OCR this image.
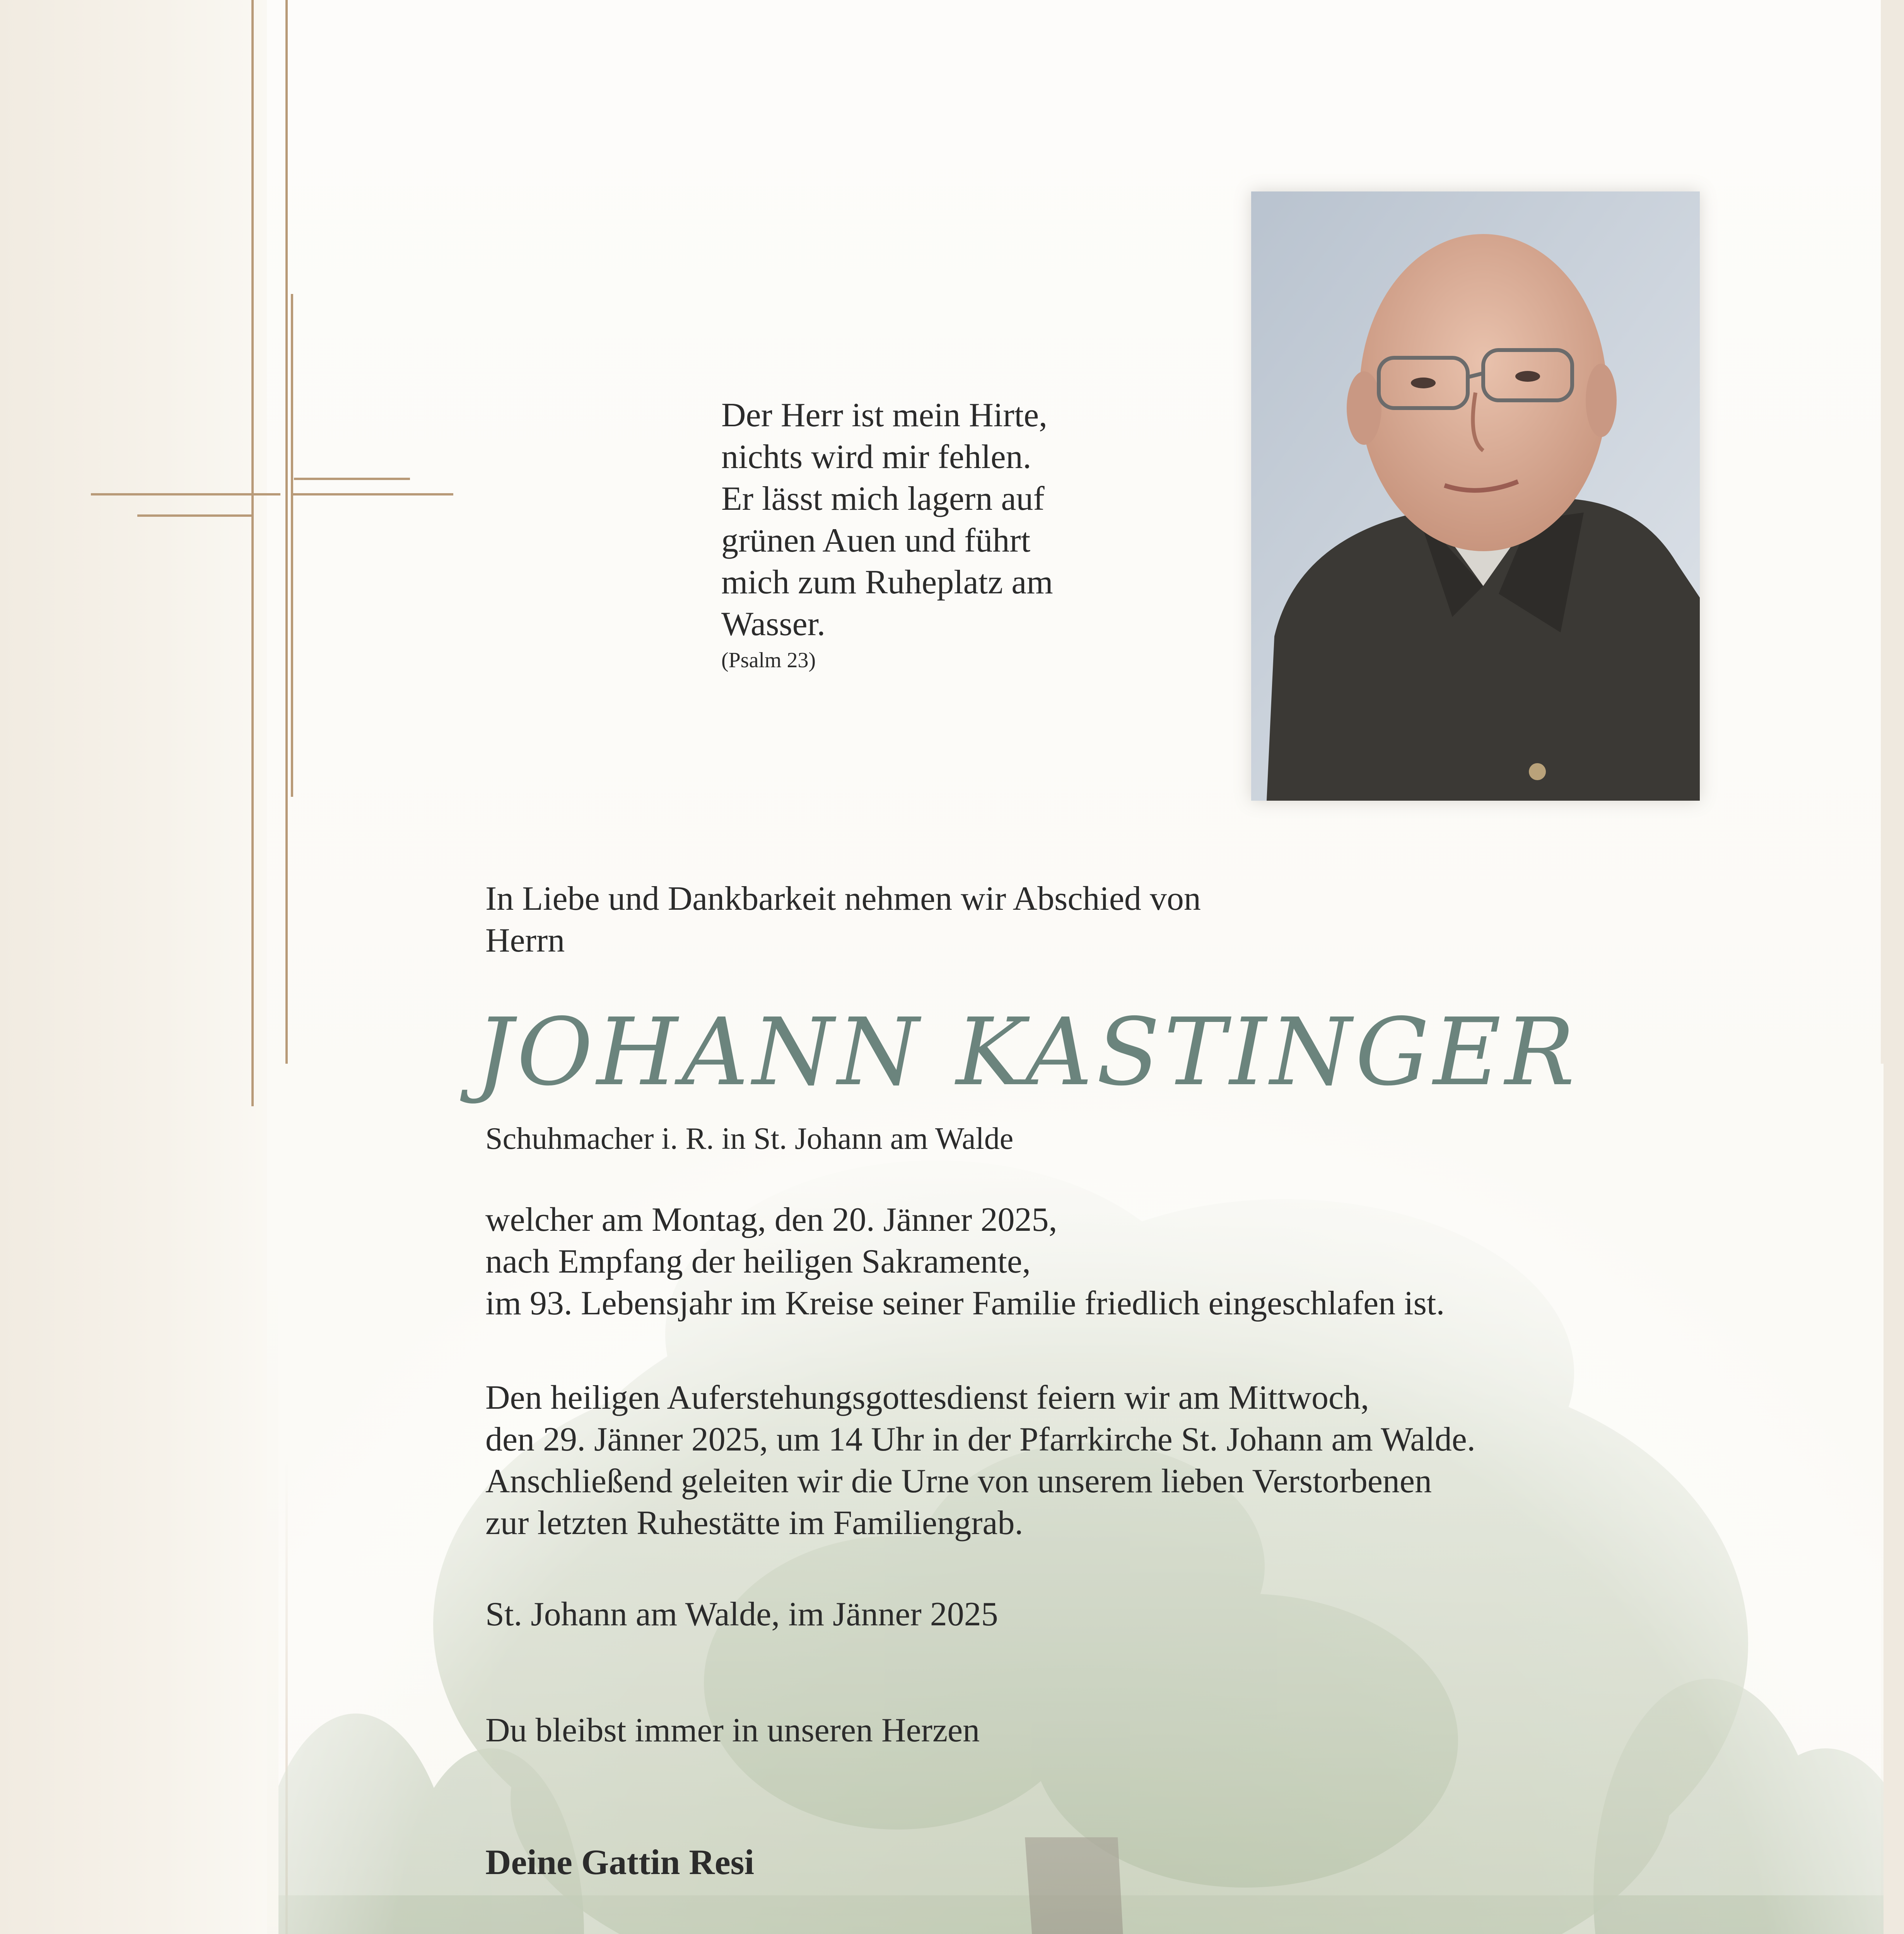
Der Herr ist mein Hirte,
nichts wird mir fehlen.
Er lässt mich lagern auf
grünen Auen und führt
mich zum Ruheplatz am
Wasser.
(Psalm 23)
In Liebe und Dankbarkeit nehmen wir Abschied von
Herrn
JOHANN KASTINGER
Schuhmacher i. R. in St. Johann am Walde
welcher am Montag, den 20. Jänner 2025,
nach Empfang der heiligen Sakramente,
im 93. Lebensjahr im Kreise seiner Familie friedlich eingeschlafen ist.
Den heiligen Auferstehungsgottesdienst feiern wir am Mittwoch,
den 29. Jänner 2025, um 14 Uhr in der Pfarrkirche St. Johann am Walde.
Anschließend geleiten wir die Urne von unserem lieben Verstorbenen
zur letzten Ruhestätte im Familiengrab.
St. Johann am Walde, im Jänner 2025
Du bleibst immer in unseren Herzen
Deine Gattin Resi
